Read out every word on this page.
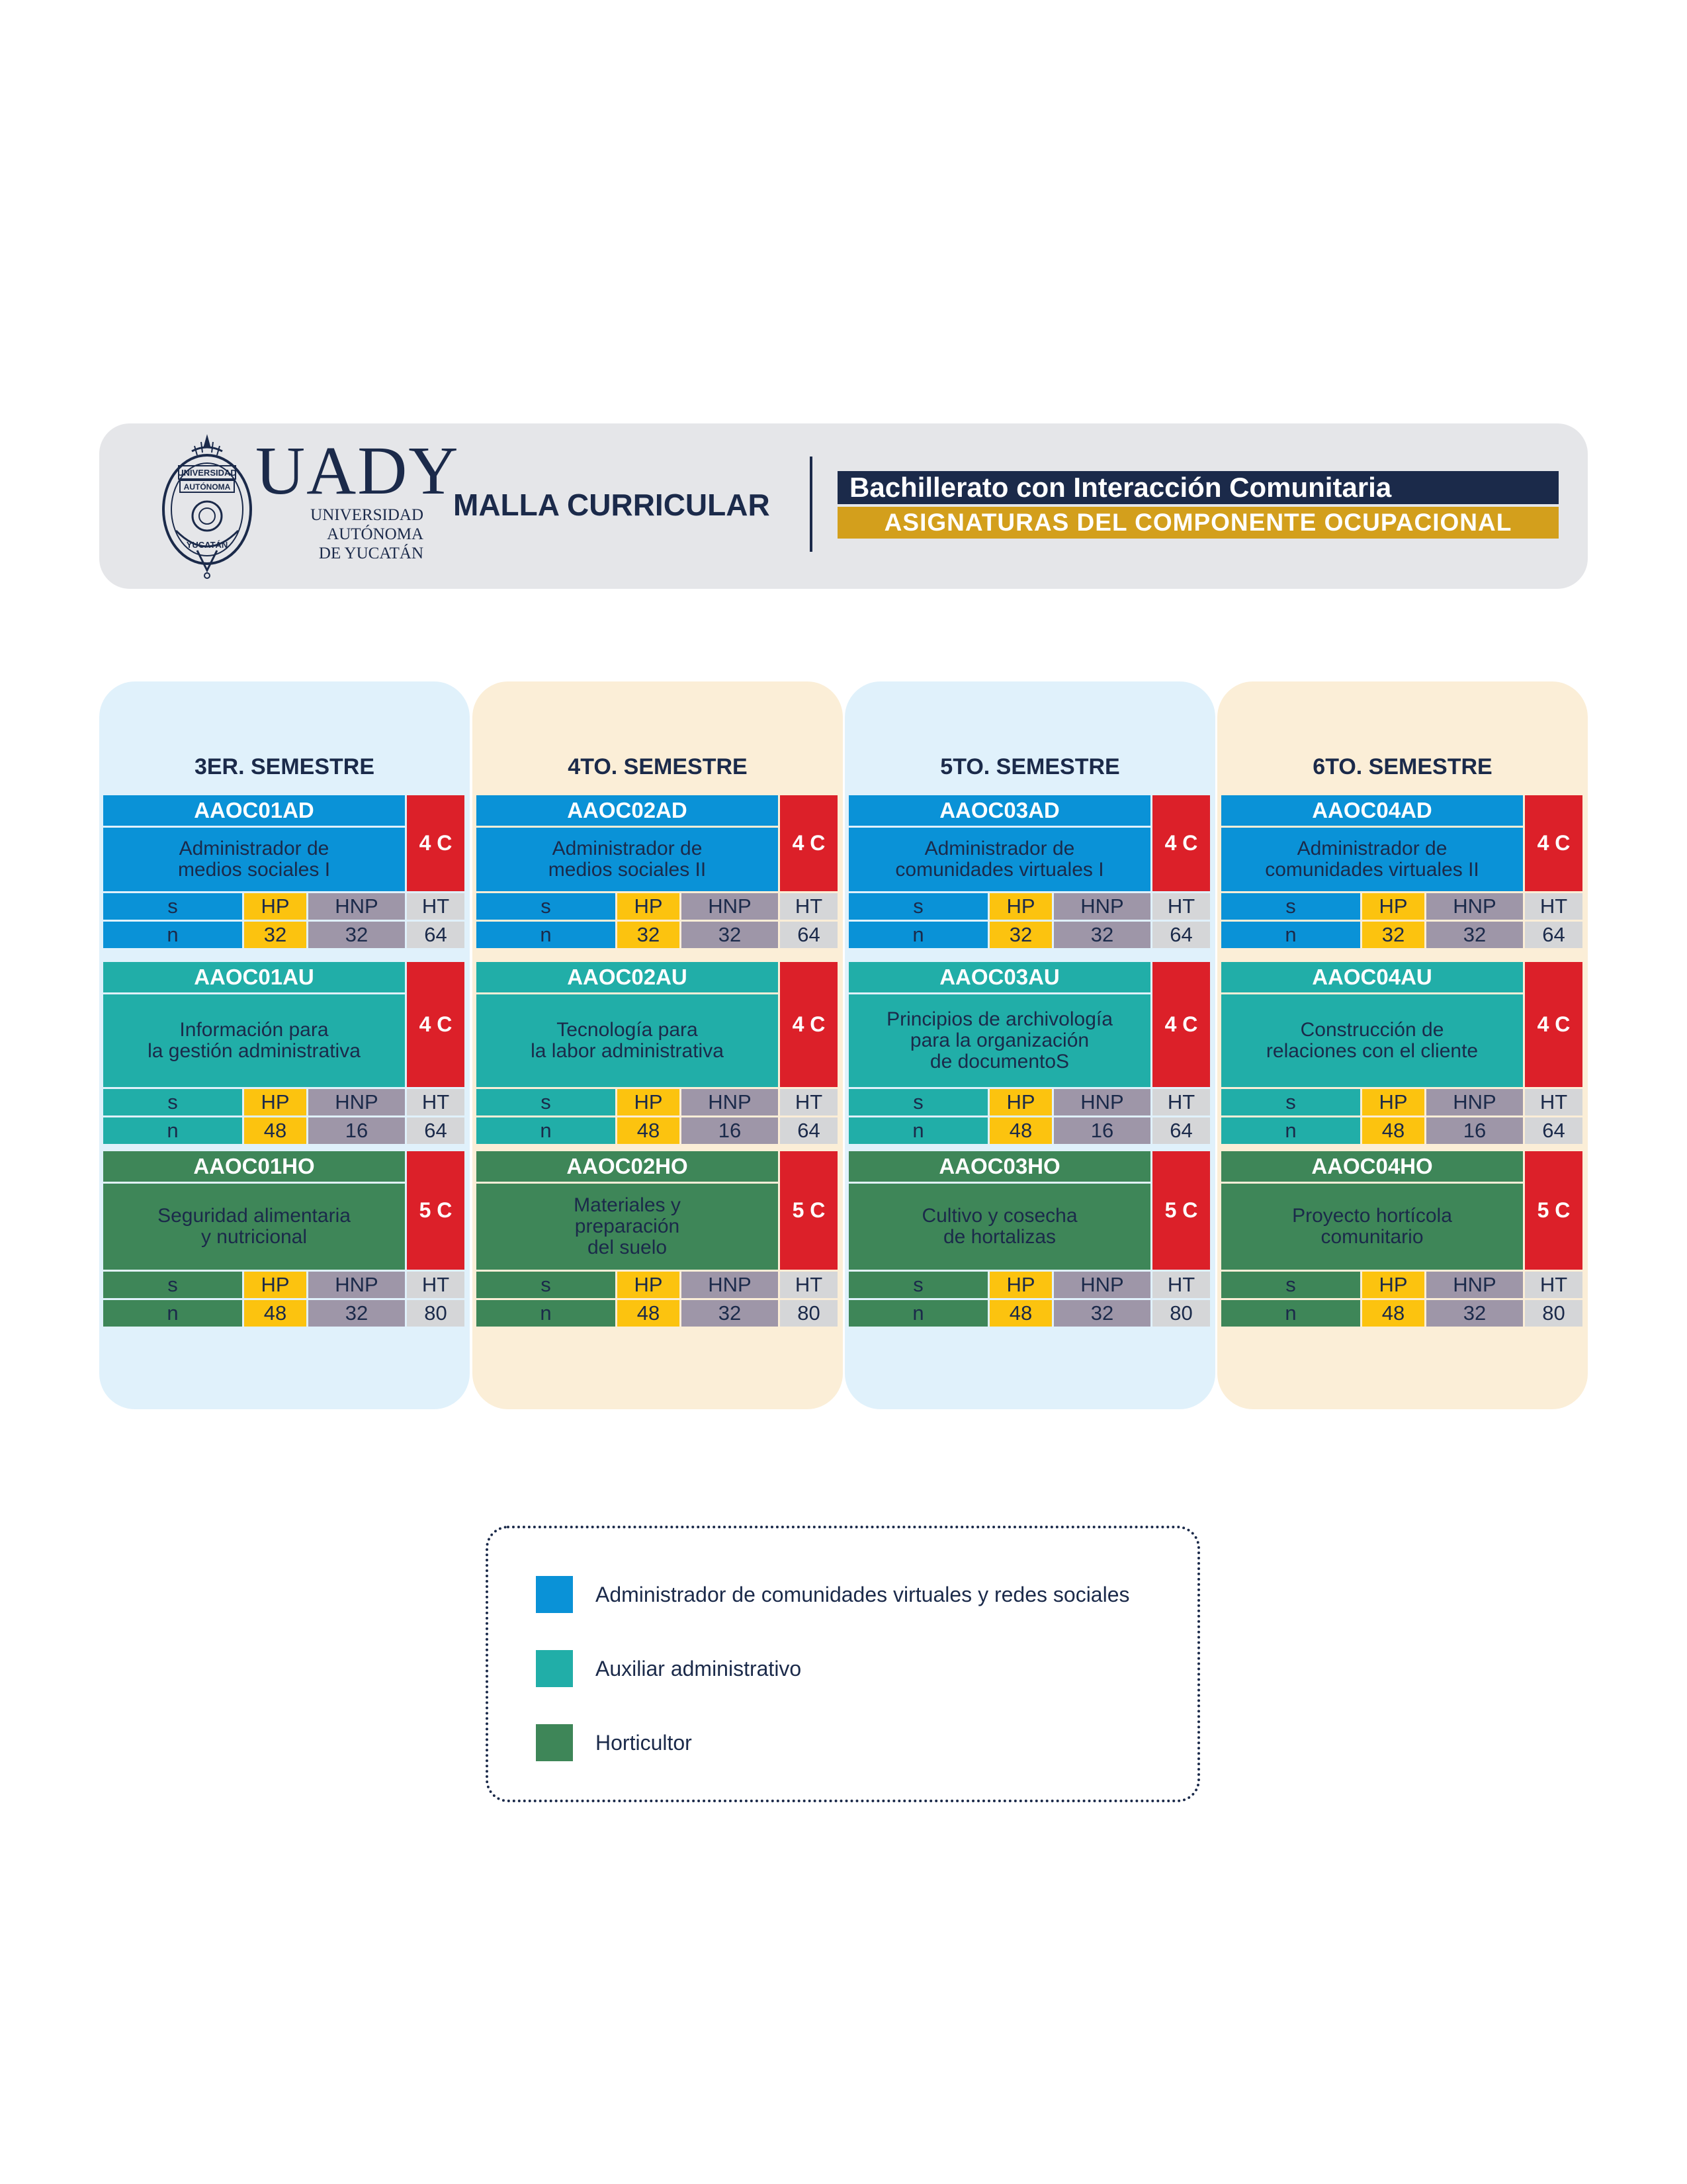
UNIVERSIDAD
AUTÓNOMA
YUCATÁN
UADY
UNIVERSIDAD
AUTÓNOMA
DE YUCATÁN
MALLA CURRICULAR
Bachillerato con Interacción Comunitaria
ASIGNATURAS DEL COMPONENTE OCUPACIONAL
3ER. SEMESTRE
AAOC01AD
Administrador de
medios sociales I
4 C
s	HP	HNP	HT
n	32	32	64
AAOC01AU
Información para
la gestión administrativa
4 C
s	HP	HNP	HT
n	48	16	64
AAOC01HO
Seguridad alimentaria
y nutricional
5 C
s	HP	HNP	HT
n	48	32	80
4TO. SEMESTRE
AAOC02AD
Administrador de
medios sociales II
4 C
s	HP	HNP	HT
n	32	32	64
AAOC02AU
Tecnología para
la labor administrativa
4 C
s	HP	HNP	HT
n	48	16	64
AAOC02HO
Materiales y
preparación
del suelo
5 C
s	HP	HNP	HT
n	48	32	80
5TO. SEMESTRE
AAOC03AD
Administrador de
comunidades virtuales I
4 C
s	HP	HNP	HT
n	32	32	64
AAOC03AU
Principios de archivología
para la organización
de documentoS
4 C
s	HP	HNP	HT
n	48	16	64
AAOC03HO
Cultivo y cosecha
de hortalizas
5 C
s	HP	HNP	HT
n	48	32	80
6TO. SEMESTRE
AAOC04AD
Administrador de
comunidades virtuales II
4 C
s	HP	HNP	HT
n	32	32	64
AAOC04AU
Construcción de
relaciones con el cliente
4 C
s	HP	HNP	HT
n	48	16	64
AAOC04HO
Proyecto hortícola
comunitario
5 C
s	HP	HNP	HT
n	48	32	80
Administrador de comunidades virtuales y redes sociales
Auxiliar administrativo
Horticultor
